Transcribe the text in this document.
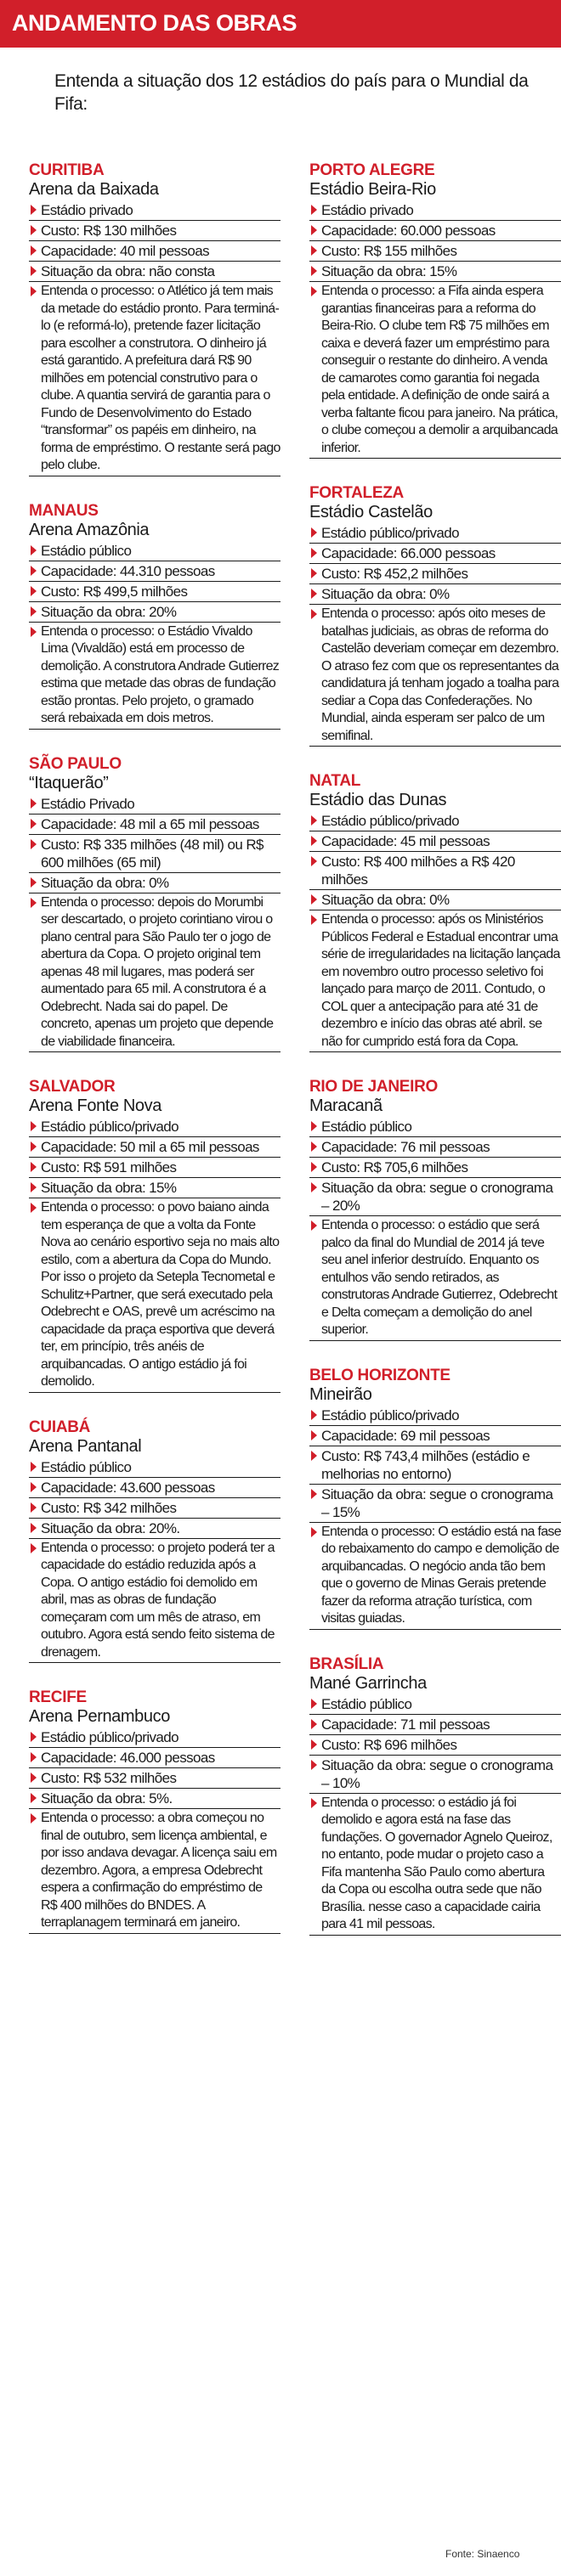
ANDAMENTO DAS OBRAS
Entenda a situação dos 12 estádios do país para o Mundial da Fifa:
CURITIBA
Arena da Baixada
Estádio privado
Custo: R$ 130 milhões
Capacidade: 40 mil pessoas
Situação da obra: não consta
Entenda o processo: o Atlético já tem mais da metade do estádio pronto. Para terminá-lo (e reformá-lo), pretende fazer licitação para escolher a construtora. O dinheiro já está garantido. A prefeitura dará R$ 90 milhões em potencial construtivo para o clube. A quantia servirá de garantia para o Fundo de Desenvolvimento do Estado “transformar” os papéis em dinheiro, na forma de empréstimo. O restante será pago pelo clube.
MANAUS
Arena Amazônia
Estádio público
Capacidade: 44.310 pessoas
Custo: R$ 499,5 milhões
Situação da obra: 20%
Entenda o processo: o Estádio Vivaldo Lima (Vivaldão) está em processo de demolição. A construtora Andrade Gutierrez estima que metade das obras de fundação estão prontas. Pelo projeto, o gramado será rebaixada em dois metros.
SÃO PAULO
“Itaquerão”
Estádio Privado
Capacidade: 48 mil a 65 mil pessoas
Custo: R$ 335 milhões (48 mil) ou R$ 600 milhões (65 mil)
Situação da obra: 0%
Entenda o processo: depois do Morumbi ser descartado, o projeto corintiano virou o plano central para São Paulo ter o jogo de abertura da Copa. O projeto original tem apenas 48 mil lugares, mas poderá ser aumentado para 65 mil. A construtora é a Odebrecht. Nada sai do papel. De concreto, apenas um projeto que depende de viabilidade financeira.
SALVADOR
Arena Fonte Nova
Estádio público/privado
Capacidade: 50 mil a 65 mil pessoas
Custo: R$ 591 milhões
Situação da obra: 15%
Entenda o processo: o povo baiano ainda tem esperança de que a volta da Fonte Nova ao cenário esportivo seja no mais alto estilo, com a abertura da Copa do Mundo. Por isso o projeto da Setepla Tecnometal e Schulitz+Partner, que será executado pela Odebrecht e OAS, prevê um acréscimo na capacidade da praça esportiva que deverá ter, em princípio, três anéis de arquibancadas. O antigo estádio já foi demolido.
CUIABÁ
Arena Pantanal
Estádio público
Capacidade: 43.600 pessoas
Custo: R$ 342 milhões
Situação da obra: 20%.
Entenda o processo: o projeto poderá ter a capacidade do estádio reduzida após a Copa. O antigo estádio foi demolido em abril, mas as obras de fundação começaram com um mês de atraso, em outubro. Agora está sendo feito sistema de drenagem.
RECIFE
Arena Pernambuco
Estádio público/privado
Capacidade: 46.000 pessoas
Custo: R$ 532 milhões
Situação da obra: 5%.
Entenda o processo: a obra começou no final de outubro, sem licença ambiental, e por isso andava devagar. A licença saiu em dezembro. Agora, a empresa Odebrecht espera a confirmação do empréstimo de R$ 400 milhões do BNDES. A terraplanagem terminará em janeiro.
PORTO ALEGRE
Estádio Beira-Rio
Estádio privado
Capacidade: 60.000 pessoas
Custo: R$ 155 milhões
Situação da obra: 15%
Entenda o processo: a Fifa ainda espera garantias financeiras para a reforma do Beira-Rio. O clube tem R$ 75 milhões em caixa e deverá fazer um empréstimo para conseguir o restante do dinheiro. A venda de camarotes como garantia foi negada pela entidade. A definição de onde sairá a verba faltante ficou para janeiro. Na prática, o clube começou a demolir a arquibancada inferior.
FORTALEZA
Estádio Castelão
Estádio público/privado
Capacidade: 66.000 pessoas
Custo: R$ 452,2 milhões
Situação da obra: 0%
Entenda o processo: após oito meses de batalhas judiciais, as obras de reforma do Castelão deveriam começar em dezembro. O atraso fez com que os representantes da candidatura já tenham jogado a toalha para sediar a Copa das Confederações. No Mundial, ainda esperam ser palco de um semifinal.
NATAL
Estádio das Dunas
Estádio público/privado
Capacidade: 45 mil pessoas
Custo: R$ 400 milhões a R$ 420 milhões
Situação da obra: 0%
Entenda o processo: após os Ministérios Públicos Federal e Estadual encontrar uma série de irregularidades na licitação lançada em novembro outro processo seletivo foi lançado para março de 2011. Contudo, o COL quer a antecipação para até 31 de dezembro e início das obras até abril. se não for cumprido está fora da Copa.
RIO DE JANEIRO
Maracanã
Estádio público
Capacidade: 76 mil pessoas
Custo: R$ 705,6 milhões
Situação da obra: segue o cronograma – 20%
Entenda o processo: o estádio que será palco da final do Mundial de 2014 já teve seu anel inferior destruído. Enquanto os entulhos vão sendo retirados, as construtoras Andrade Gutierrez, Odebrecht e Delta começam a demolição do anel superior.
BELO HORIZONTE
Mineirão
Estádio público/privado
Capacidade: 69 mil pessoas
Custo: R$ 743,4 milhões (estádio e melhorias no entorno)
Situação da obra: segue o cronograma – 15%
Entenda o processo: O estádio está na fase do rebaixamento do campo e demolição de arquibancadas. O negócio anda tão bem que o governo de Minas Gerais pretende fazer da reforma atração turística, com visitas guiadas.
BRASÍLIA
Mané Garrincha
Estádio público
Capacidade: 71 mil pessoas
Custo: R$ 696 milhões
Situação da obra: segue o cronograma – 10%
Entenda o processo: o estádio já foi demolido e agora está na fase das fundações. O governador Agnelo Queiroz, no entanto, pode mudar o projeto caso a Fifa mantenha São Paulo como abertura da Copa ou escolha outra sede que não Brasília. nesse caso a capacidade cairia para 41 mil pessoas.
Fonte: Sinaenco
